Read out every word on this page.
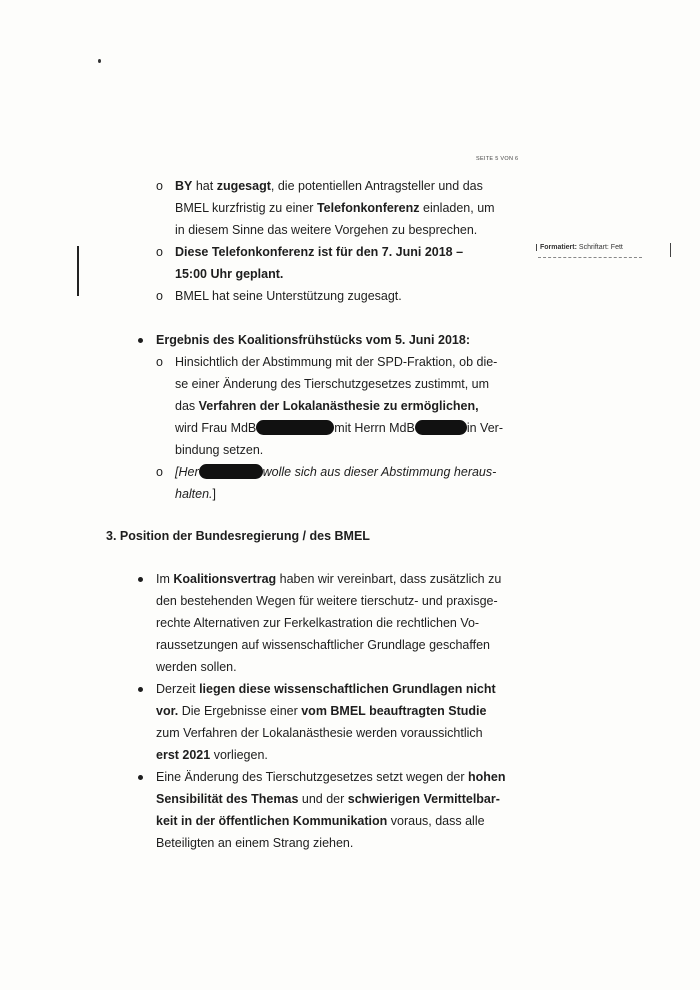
SEITE 5 VON 6
Formatiert: Schriftart: Fett
o BY hat zugesagt, die potentiellen Antragsteller und das
BMEL kurzfristig zu einer Telefonkonferenz einladen, um
in diesem Sinne das weitere Vorgehen zu besprechen.
o Diese Telefonkonferenz ist für den 7. Juni 2018 –
15:00 Uhr geplant.
o BMEL hat seine Unterstützung zugesagt.
Ergebnis des Koalitionsfrühstücks vom 5. Juni 2018:
o Hinsichtlich der Abstimmung mit der SPD-Fraktion, ob die-
se einer Änderung des Tierschutzgesetzes zustimmt, um
das Verfahren der Lokalanästhesie zu ermöglichen,
wird Frau MdB	mit Herrn MdB	in Ver-
bindung setzen.
o [Her	wolle sich aus dieser Abstimmung heraus-
halten.]
3. Position der Bundesregierung / des BMEL
Im Koalitionsvertrag haben wir vereinbart, dass zusätzlich zu
den bestehenden Wegen für weitere tierschutz- und praxisge-
rechte Alternativen zur Ferkelkastration die rechtlichen Vo-
raussetzungen auf wissenschaftlicher Grundlage geschaffen
werden sollen.
Derzeit liegen diese wissenschaftlichen Grundlagen nicht
vor. Die Ergebnisse einer vom BMEL beauftragten Studie
zum Verfahren der Lokalanästhesie werden voraussichtlich
erst 2021 vorliegen.
Eine Änderung des Tierschutzgesetzes setzt wegen der hohen
Sensibilität des Themas und der schwierigen Vermittelbar-
keit in der öffentlichen Kommunikation voraus, dass alle
Beteiligten an einem Strang ziehen.
